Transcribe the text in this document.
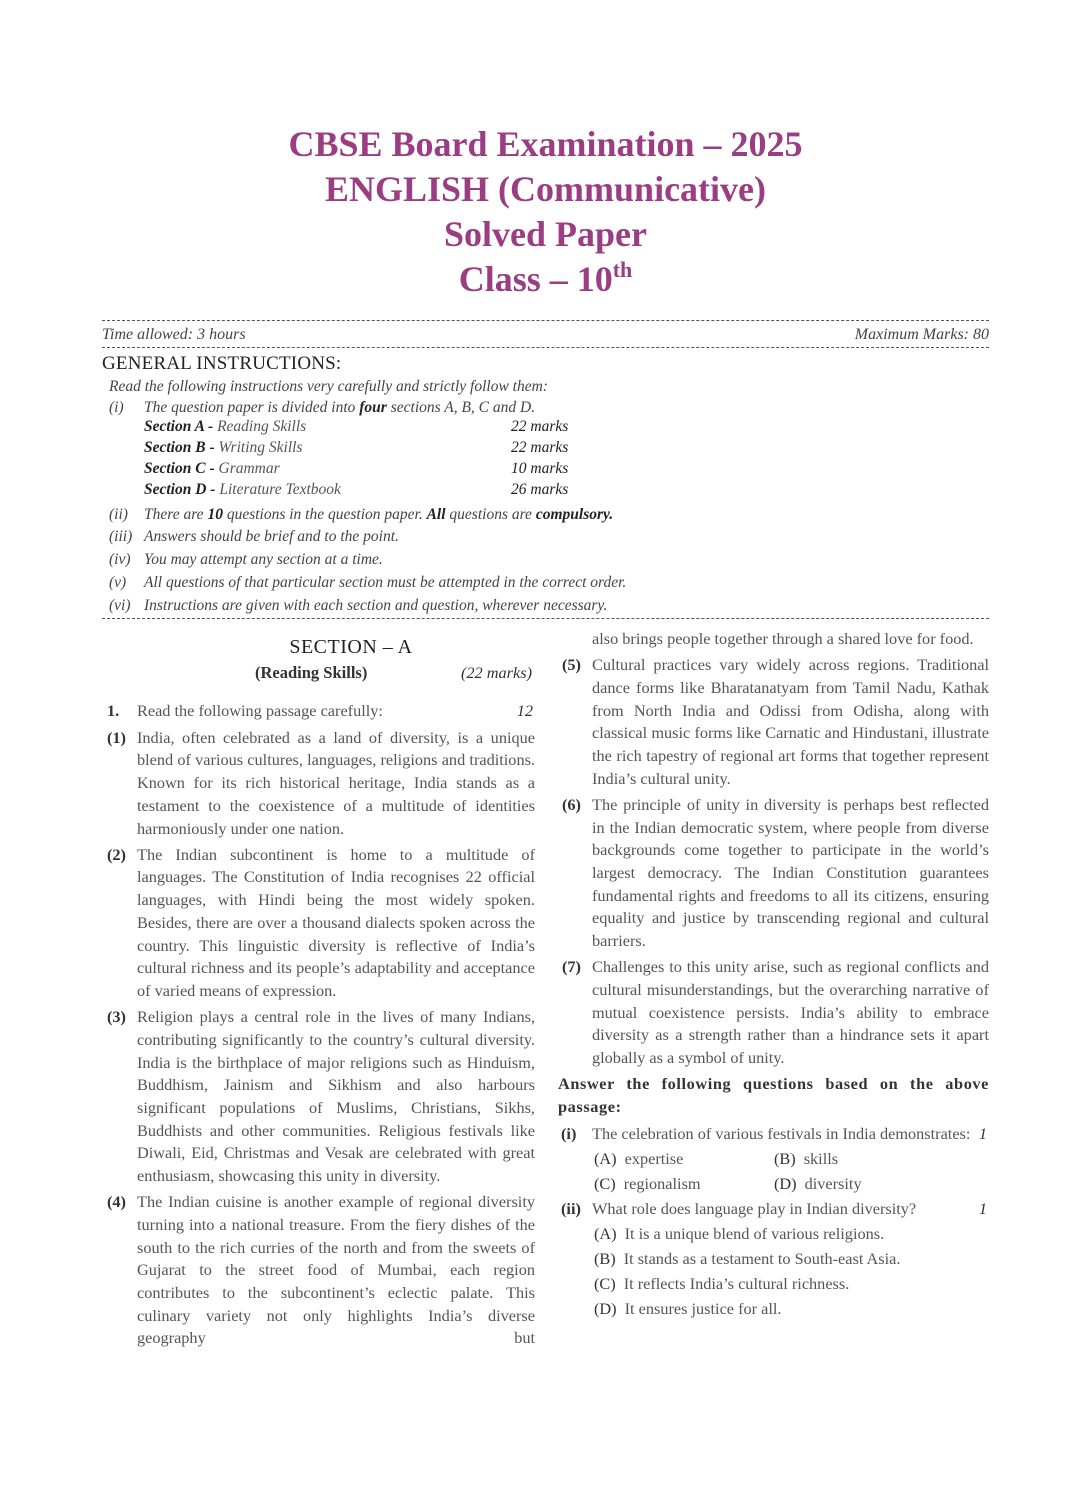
CBSE Board Examination – 2025
ENGLISH (Communicative)
Solved Paper
Class – 10th
Time allowed: 3 hours	Maximum Marks: 80
GENERAL INSTRUCTIONS:
Read the following instructions very carefully and strictly follow them:
(i) The question paper is divided into four sections A, B, C and D.
Section A - Reading Skills	22 marks
Section B - Writing Skills	22 marks
Section C - Grammar	10 marks
Section D - Literature Textbook	26 marks
(ii) There are 10 questions in the question paper. All questions are compulsory.
(iii) Answers should be brief and to the point.
(iv) You may attempt any section at a time.
(v) All questions of that particular section must be attempted in the correct order.
(vi) Instructions are given with each section and question, wherever necessary.
SECTION – A
(Reading Skills)	(22 marks)
1. Read the following passage carefully:	12
(1) India, often celebrated as a land of diversity, is a unique blend of various cultures, languages, religions and traditions. Known for its rich historical heritage, India stands as a testament to the coexistence of a multitude of identities harmoniously under one nation.
(2) The Indian subcontinent is home to a multitude of languages. The Constitution of India recognises 22 official languages, with Hindi being the most widely spoken. Besides, there are over a thousand dialects spoken across the country. This linguistic diversity is reflective of India’s cultural richness and its people’s adaptability and acceptance of varied means of expression.
(3) Religion plays a central role in the lives of many Indians, contributing significantly to the country’s cultural diversity. India is the birthplace of major religions such as Hinduism, Buddhism, Jainism and Sikhism and also harbours significant populations of Muslims, Christians, Sikhs, Buddhists and other communities. Religious festivals like Diwali, Eid, Christmas and Vesak are celebrated with great enthusiasm, showcasing this unity in diversity.
(4) The Indian cuisine is another example of regional diversity turning into a national treasure. From the fiery dishes of the south to the rich curries of the north and from the sweets of Gujarat to the street food of Mumbai, each region contributes to the subcontinent’s eclectic palate. This culinary variety not only highlights India’s diverse geography but
also brings people together through a shared love for food.
(5) Cultural practices vary widely across regions. Traditional dance forms like Bharatanatyam from Tamil Nadu, Kathak from North India and Odissi from Odisha, along with classical music forms like Carnatic and Hindustani, illustrate the rich tapestry of regional art forms that together represent India’s cultural unity.
(6) The principle of unity in diversity is perhaps best reflected in the Indian democratic system, where people from diverse backgrounds come together to participate in the world’s largest democracy. The Indian Constitution guarantees fundamental rights and freedoms to all its citizens, ensuring equality and justice by transcending regional and cultural barriers.
(7) Challenges to this unity arise, such as regional conflicts and cultural misunderstandings, but the overarching narrative of mutual coexistence persists. India’s ability to embrace diversity as a strength rather than a hindrance sets it apart globally as a symbol of unity.
Answer the following questions based on the above passage:
(i) The celebration of various festivals in India demonstrates: 1
(A) expertise	(B) skills
(C) regionalism	(D) diversity
(ii) What role does language play in Indian diversity?	1
(A) It is a unique blend of various religions.
(B) It stands as a testament to South-east Asia.
(C) It reflects India’s cultural richness.
(D) It ensures justice for all.
